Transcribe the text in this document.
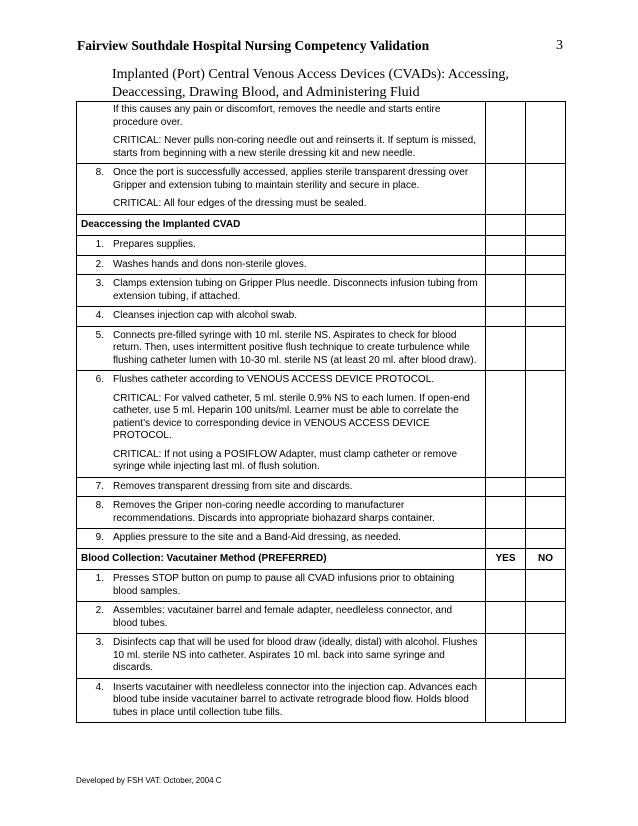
Fairview Southdale Hospital Nursing Competency Validation	3
Implanted (Port) Central Venous Access Devices (CVADs): Accessing, Deaccessing, Drawing Blood, and Administering Fluid

If this causes any pain or discomfort, removes the needle and starts entire procedure over.

CRITICAL: Never pulls non-coring needle out and reinserts it. If septum is missed, starts from beginning with a new sterile dressing kit and new needle.		

8. Once the port is successfully accessed, applies sterile transparent dressing over Gripper and extension tubing to maintain sterility and secure in place.

CRITICAL: All four edges of the dressing must be sealed.		

Deaccessing the Implanted CVAD		

1. Prepares supplies.		

2. Washes hands and dons non-sterile gloves.		

3. Clamps extension tubing on Gripper Plus needle. Disconnects infusion tubing from extension tubing, if attached.		

4. Cleanses injection cap with alcohol swab.		

5. Connects pre-filled syringe with 10 ml. sterile NS. Aspirates to check for blood return. Then, uses intermittent positive flush technique to create turbulence while flushing catheter lumen with 10-30 ml. sterile NS (at least 20 ml. after blood draw).		

6. Flushes catheter according to VENOUS ACCESS DEVICE PROTOCOL.

CRITICAL: For valved catheter, 5 ml. sterile 0.9% NS to each lumen. If open-end catheter, use 5 ml. Heparin 100 units/ml. Learner must be able to correlate the patient’s device to corresponding device in VENOUS ACCESS DEVICE PROTOCOL.

CRITICAL: If not using a POSIFLOW Adapter, must clamp catheter or remove syringe while injecting last ml. of flush solution.		

7. Removes transparent dressing from site and discards.		

8. Removes the Griper non-coring needle according to manufacturer recommendations. Discards into appropriate biohazard sharps container.		

9. Applies pressure to the site and a Band-Aid dressing, as needed.		

Blood Collection: Vacutainer Method (PREFERRED)	YES	NO

1. Presses STOP button on pump to pause all CVAD infusions prior to obtaining blood samples.		

2. Assembles: vacutainer barrel and female adapter, needleless connector, and blood tubes.		

3. Disinfects cap that will be used for blood draw (ideally, distal) with alcohol. Flushes 10 ml. sterile NS into catheter. Aspirates 10 ml. back into same syringe and discards.		

4. Inserts vacutainer with needleless connector into the injection cap. Advances each blood tube inside vacutainer barrel to activate retrograde blood flow. Holds blood tubes in place until collection tube fills.		

Developed by FSH VAT: October, 2004 C
